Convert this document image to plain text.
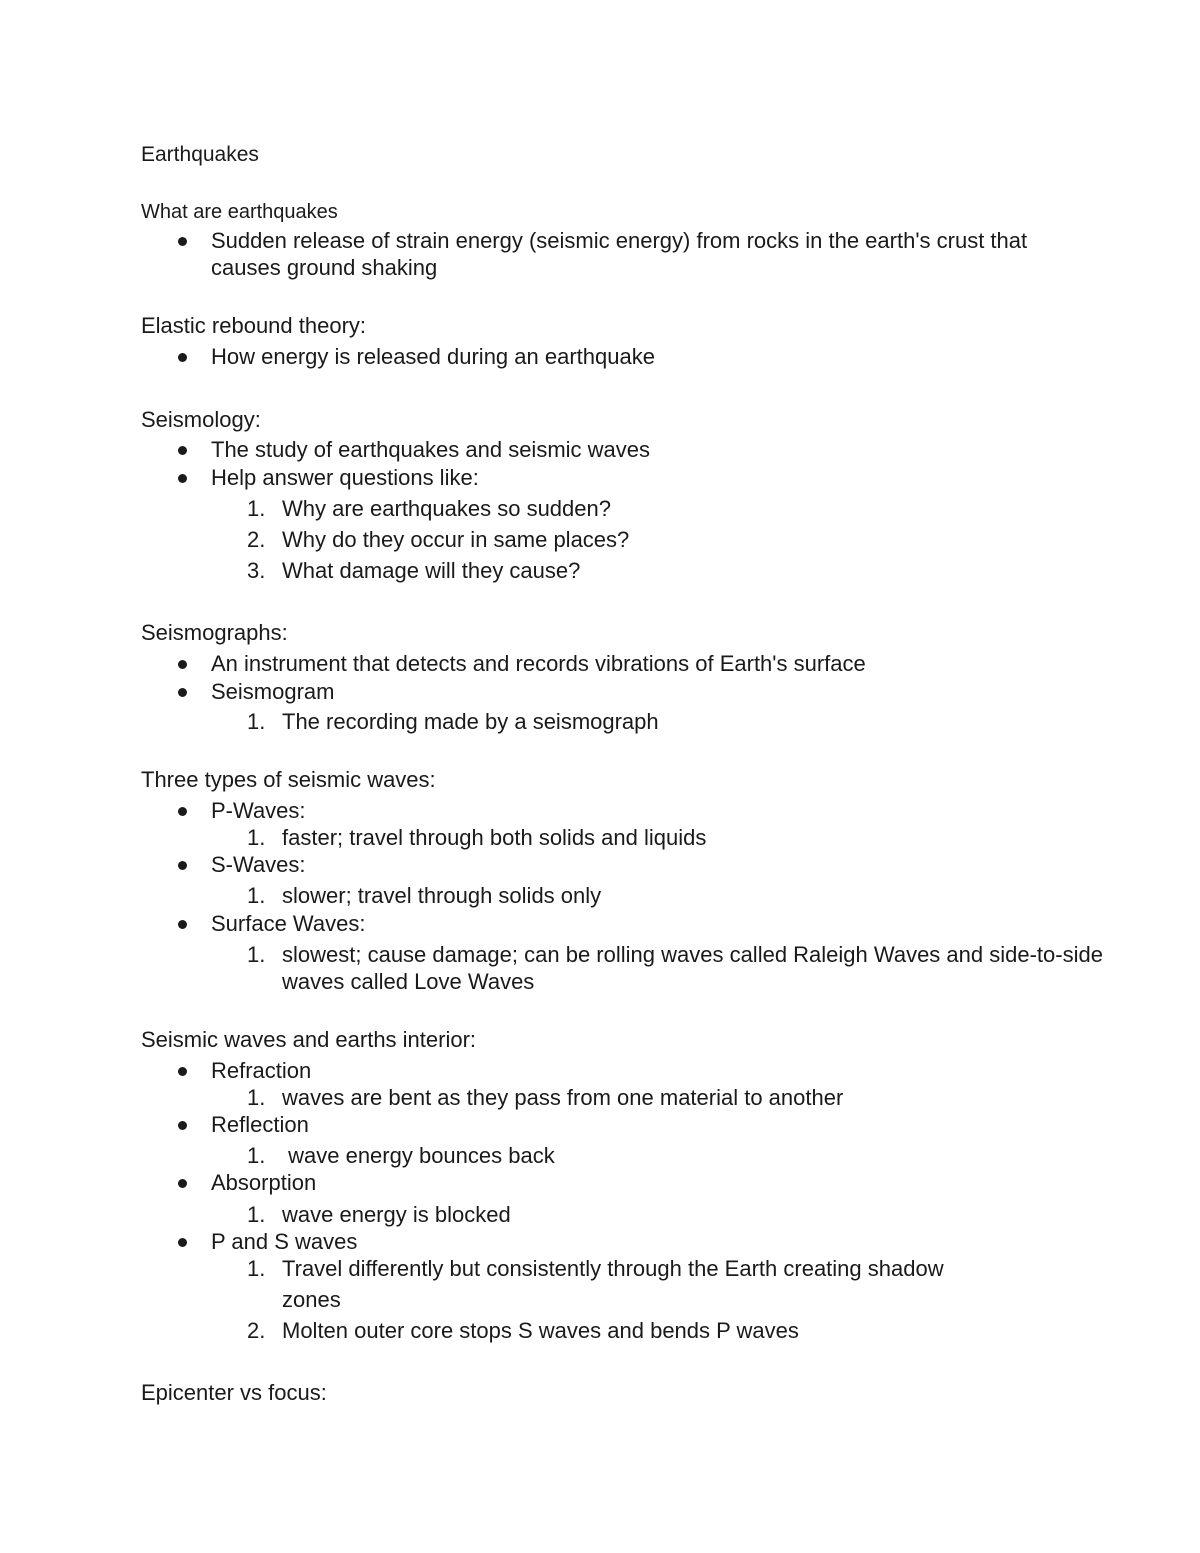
Earthquakes
What are earthquakes
Sudden release of strain energy (seismic energy) from rocks in the earth's crust that
causes ground shaking
Elastic rebound theory:
How energy is released during an earthquake
Seismology:
The study of earthquakes and seismic waves
Help answer questions like:
1. Why are earthquakes so sudden?
2. Why do they occur in same places?
3. What damage will they cause?
Seismographs:
An instrument that detects and records vibrations of Earth's surface
Seismogram
1. The recording made by a seismograph
Three types of seismic waves:
P-Waves:
1. faster; travel through both solids and liquids
S-Waves:
1. slower; travel through solids only
Surface Waves:
1. slowest; cause damage; can be rolling waves called Raleigh Waves and side-to-side
waves called Love Waves
Seismic waves and earths interior:
Refraction
1. waves are bent as they pass from one material to another
Reflection
1. wave energy bounces back
Absorption
1. wave energy is blocked
P and S waves
1. Travel differently but consistently through the Earth creating shadow
zones
2. Molten outer core stops S waves and bends P waves
Epicenter vs focus:
